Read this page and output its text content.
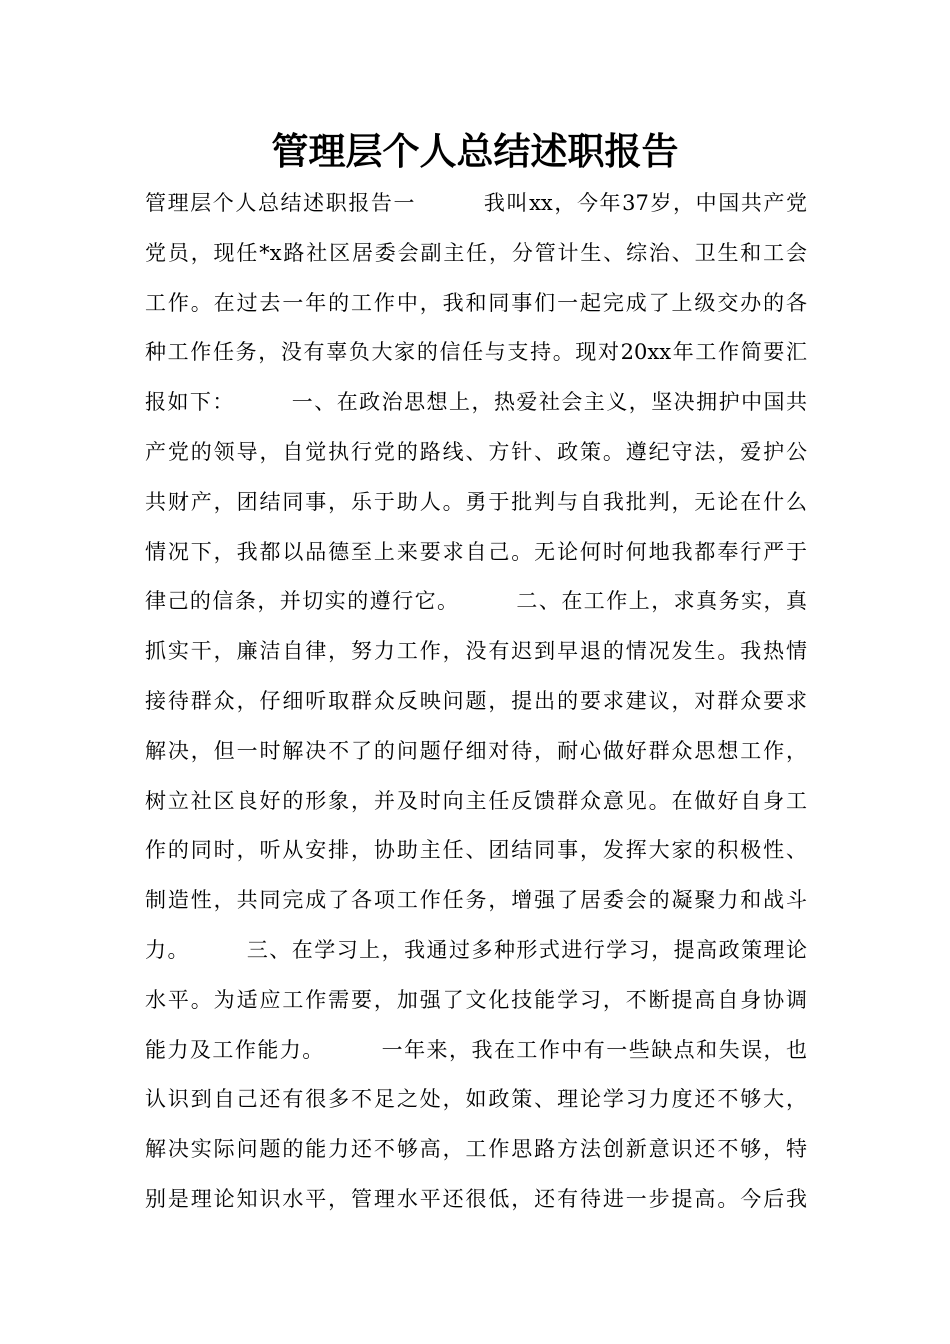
管理层个人总结述职报告
管理层个人总结述职报告一　　　我叫xx，今年37岁，中国共产党
党员，现任*x路社区居委会副主任，分管计生、综治、卫生和工会
工作。在过去一年的工作中，我和同事们一起完成了上级交办的各
种工作任务，没有辜负大家的信任与支持。现对20xx年工作简要汇
报如下：　　　一、在政治思想上，热爱社会主义，坚决拥护中国共
产党的领导，自觉执行党的路线、方针、政策。遵纪守法，爱护公
共财产，团结同事，乐于助人。勇于批判与自我批判，无论在什么
情况下，我都以品德至上来要求自己。无论何时何地我都奉行严于
律己的信条，并切实的遵行它。　　　二、在工作上，求真务实，真
抓实干，廉洁自律，努力工作，没有迟到早退的情况发生。我热情
接待群众，仔细听取群众反映问题，提出的要求建议，对群众要求
解决，但一时解决不了的问题仔细对待，耐心做好群众思想工作，
树立社区良好的形象，并及时向主任反馈群众意见。在做好自身工
作的同时，听从安排，协助主任、团结同事，发挥大家的积极性、
制造性，共同完成了各项工作任务，增强了居委会的凝聚力和战斗
力。　　　三、在学习上，我通过多种形式进行学习，提高政策理论
水平。为适应工作需要，加强了文化技能学习，不断提高自身协调
能力及工作能力。　　　一年来，我在工作中有一些缺点和失误，也
认识到自己还有很多不足之处，如政策、理论学习力度还不够大，
解决实际问题的能力还不够高，工作思路方法创新意识还不够，特
别是理论知识水平，管理水平还很低，还有待进一步提高。今后我
